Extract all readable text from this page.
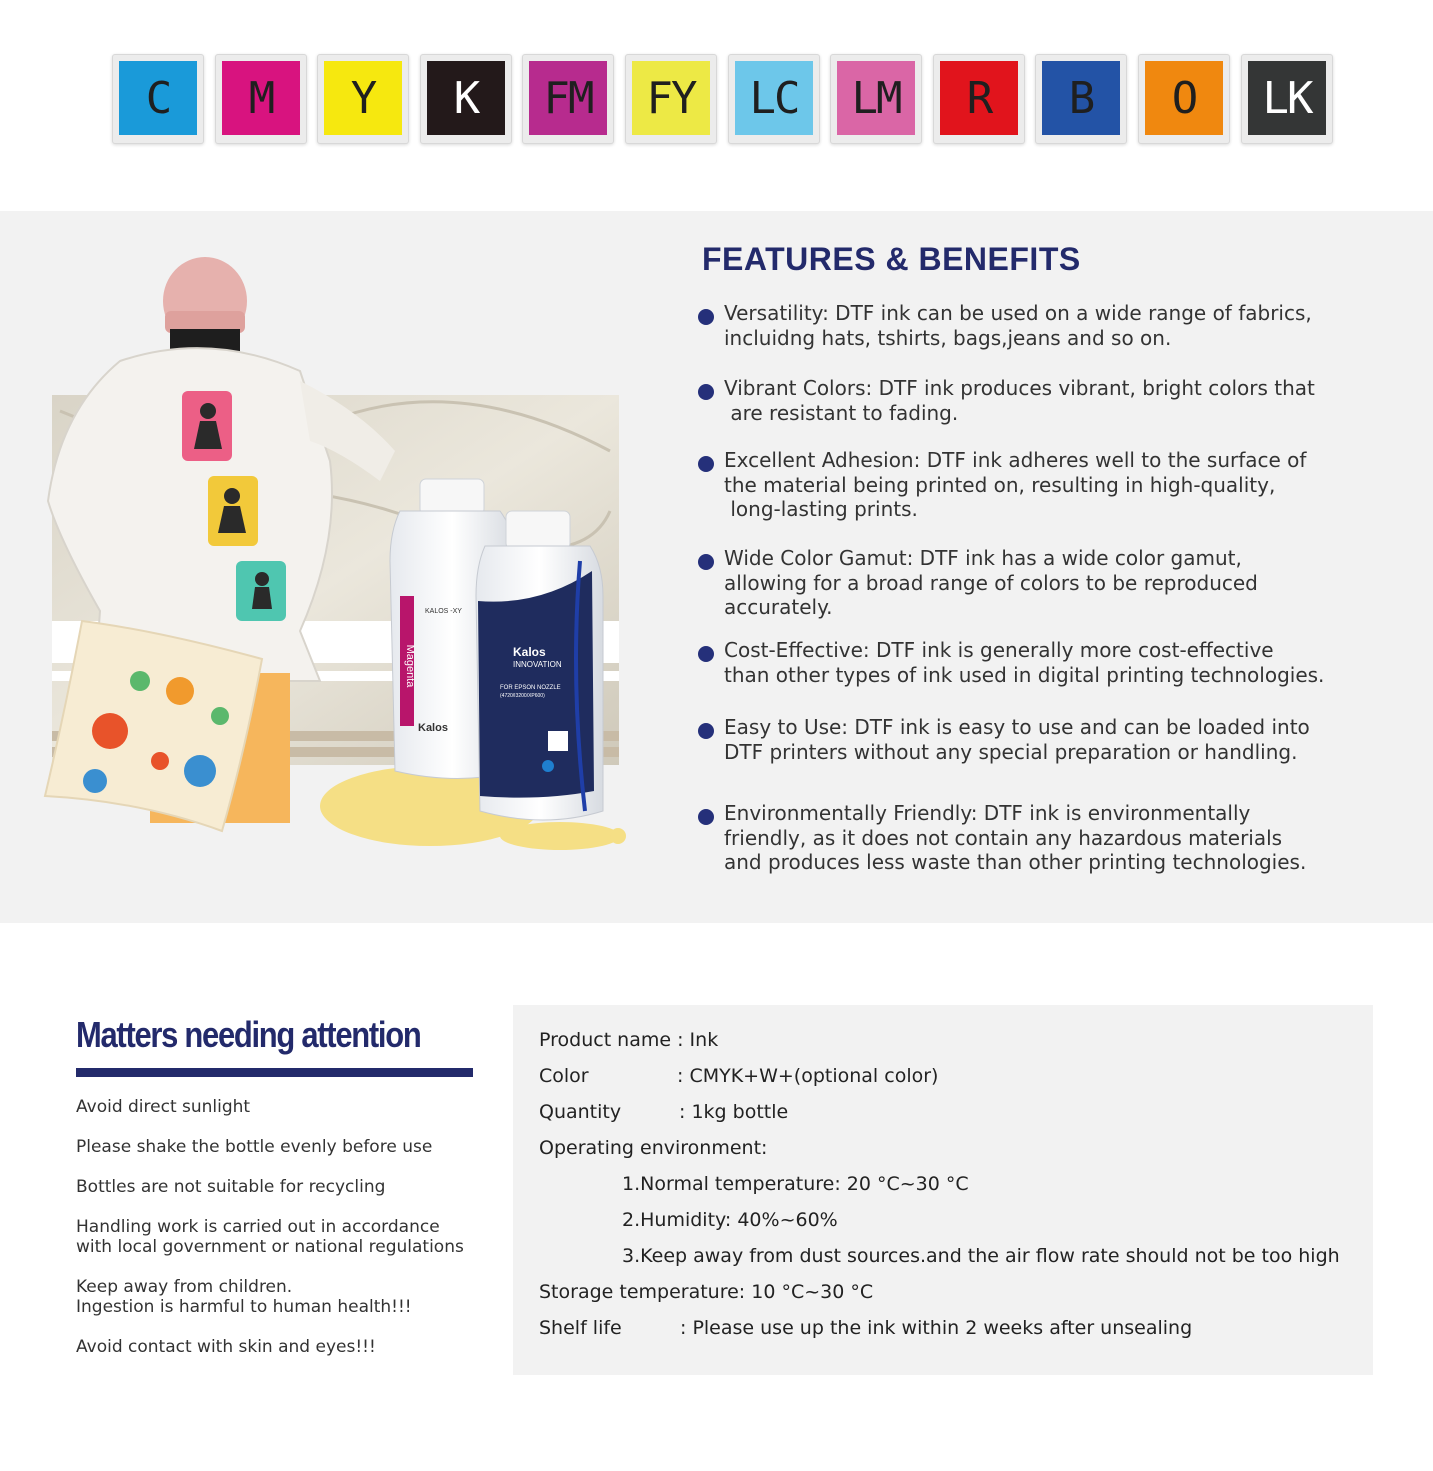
C	M	Y	K	FM	FY	LC	LM	R	B	O	LK
Magenta
KALOS -XY
Kalos
Kalos
INNOVATION
FOR EPSON NOZZLE
(4720/I3200/XP600)
FEATURES & BENEFITS
Versatility: DTF ink can be used on a wide range of fabrics,
incluidng hats, tshirts, bags,jeans and so on.
Vibrant Colors: DTF ink produces vibrant, bright colors that
are resistant to fading.
Excellent Adhesion: DTF ink adheres well to the surface of
the material being printed on, resulting in high-quality,
long-lasting prints.
Wide Color Gamut: DTF ink has a wide color gamut,
allowing for a broad range of colors to be reproduced
accurately.
Cost-Effective: DTF ink is generally more cost-effective
than other types of ink used in digital printing technologies.
Easy to Use: DTF ink is easy to use and can be loaded into
DTF printers without any special preparation or handling.
Environmentally Friendly: DTF ink is environmentally
friendly, as it does not contain any hazardous materials
and produces less waste than other printing technologies.
Matters needing attention
Avoid direct sunlight
Please shake the bottle evenly before use
Bottles are not suitable for recycling
Handling work is carried out in accordance
with local government or national regulations
Keep away from children.
Ingestion is harmful to human health!!!
Avoid contact with skin and eyes!!!
Product name : Ink
Color	: CMYK+W+(optional color)
Quantity	: 1kg bottle
Operating environment:
1.Normal temperature: 20 °C~30 °C
2.Humidity: 40%~60%
3.Keep away from dust sources.and the air flow rate should not be too high
Storage temperature: 10 °C~30 °C
Shelf life	: Please use up the ink within 2 weeks after unsealing
